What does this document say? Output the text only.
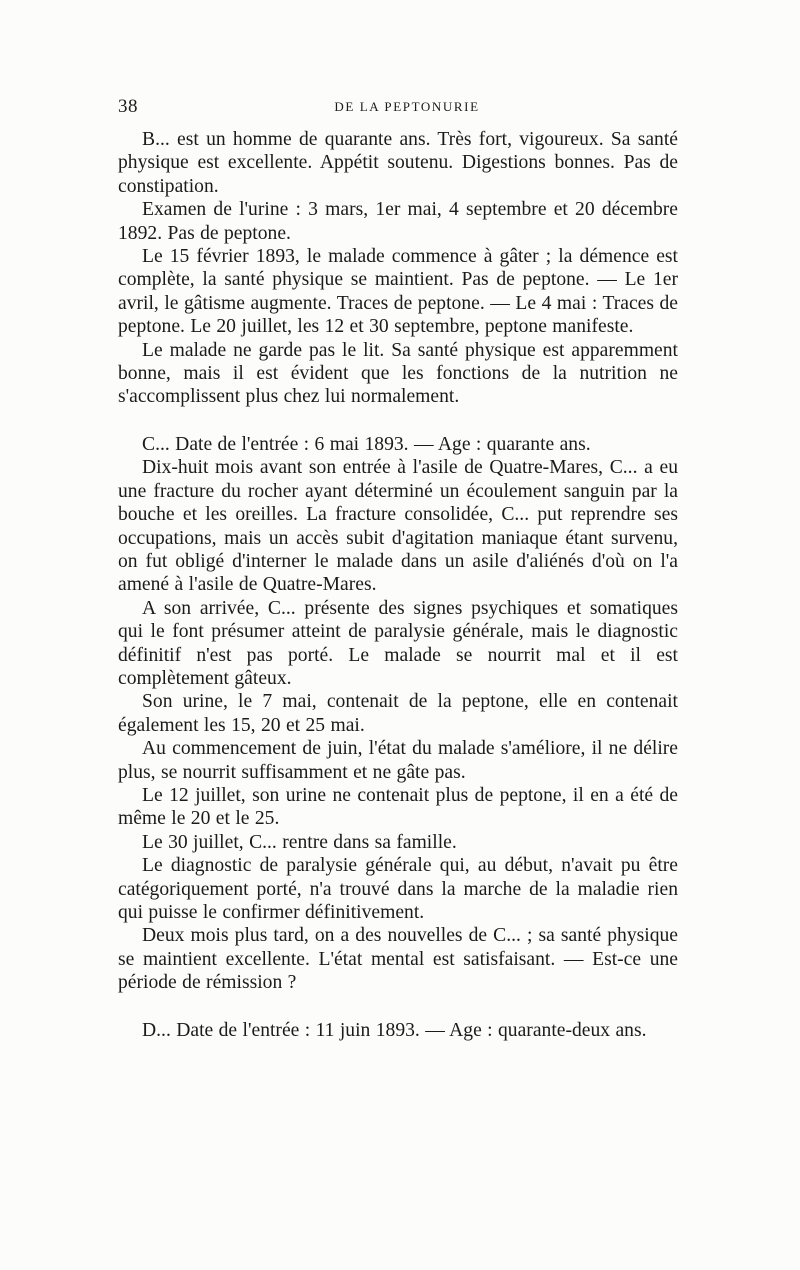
38	DE LA PEPTONURIE

B... est un homme de quarante ans. Très fort, vigoureux. Sa santé physique est excellente. Appétit soutenu. Digestions bonnes. Pas de constipation.

Examen de l'urine : 3 mars, 1er mai, 4 septembre et 20 décembre 1892. Pas de peptone.

Le 15 février 1893, le malade commence à gâter ; la démence est complète, la santé physique se maintient. Pas de peptone. — Le 1er avril, le gâtisme augmente. Traces de peptone. — Le 4 mai : Traces de peptone. Le 20 juillet, les 12 et 30 septembre, peptone manifeste.

Le malade ne garde pas le lit. Sa santé physique est apparemment bonne, mais il est évident que les fonctions de la nutrition ne s'accomplissent plus chez lui normalement.

C... Date de l'entrée : 6 mai 1893. — Age : quarante ans.

Dix-huit mois avant son entrée à l'asile de Quatre-Mares, C... a eu une fracture du rocher ayant déterminé un écoulement sanguin par la bouche et les oreilles. La fracture consolidée, C... put reprendre ses occupations, mais un accès subit d'agitation maniaque étant survenu, on fut obligé d'interner le malade dans un asile d'aliénés d'où on l'a amené à l'asile de Quatre-Mares.

A son arrivée, C... présente des signes psychiques et somatiques qui le font présumer atteint de paralysie générale, mais le diagnostic définitif n'est pas porté. Le malade se nourrit mal et il est complètement gâteux.

Son urine, le 7 mai, contenait de la peptone, elle en contenait également les 15, 20 et 25 mai.

Au commencement de juin, l'état du malade s'améliore, il ne délire plus, se nourrit suffisamment et ne gâte pas.

Le 12 juillet, son urine ne contenait plus de peptone, il en a été de même le 20 et le 25.

Le 30 juillet, C... rentre dans sa famille.

Le diagnostic de paralysie générale qui, au début, n'avait pu être catégoriquement porté, n'a trouvé dans la marche de la maladie rien qui puisse le confirmer définitivement.

Deux mois plus tard, on a des nouvelles de C... ; sa santé physique se maintient excellente. L'état mental est satisfaisant. — Est-ce une période de rémission ?

D... Date de l'entrée : 11 juin 1893. — Age : quarante-deux ans.
